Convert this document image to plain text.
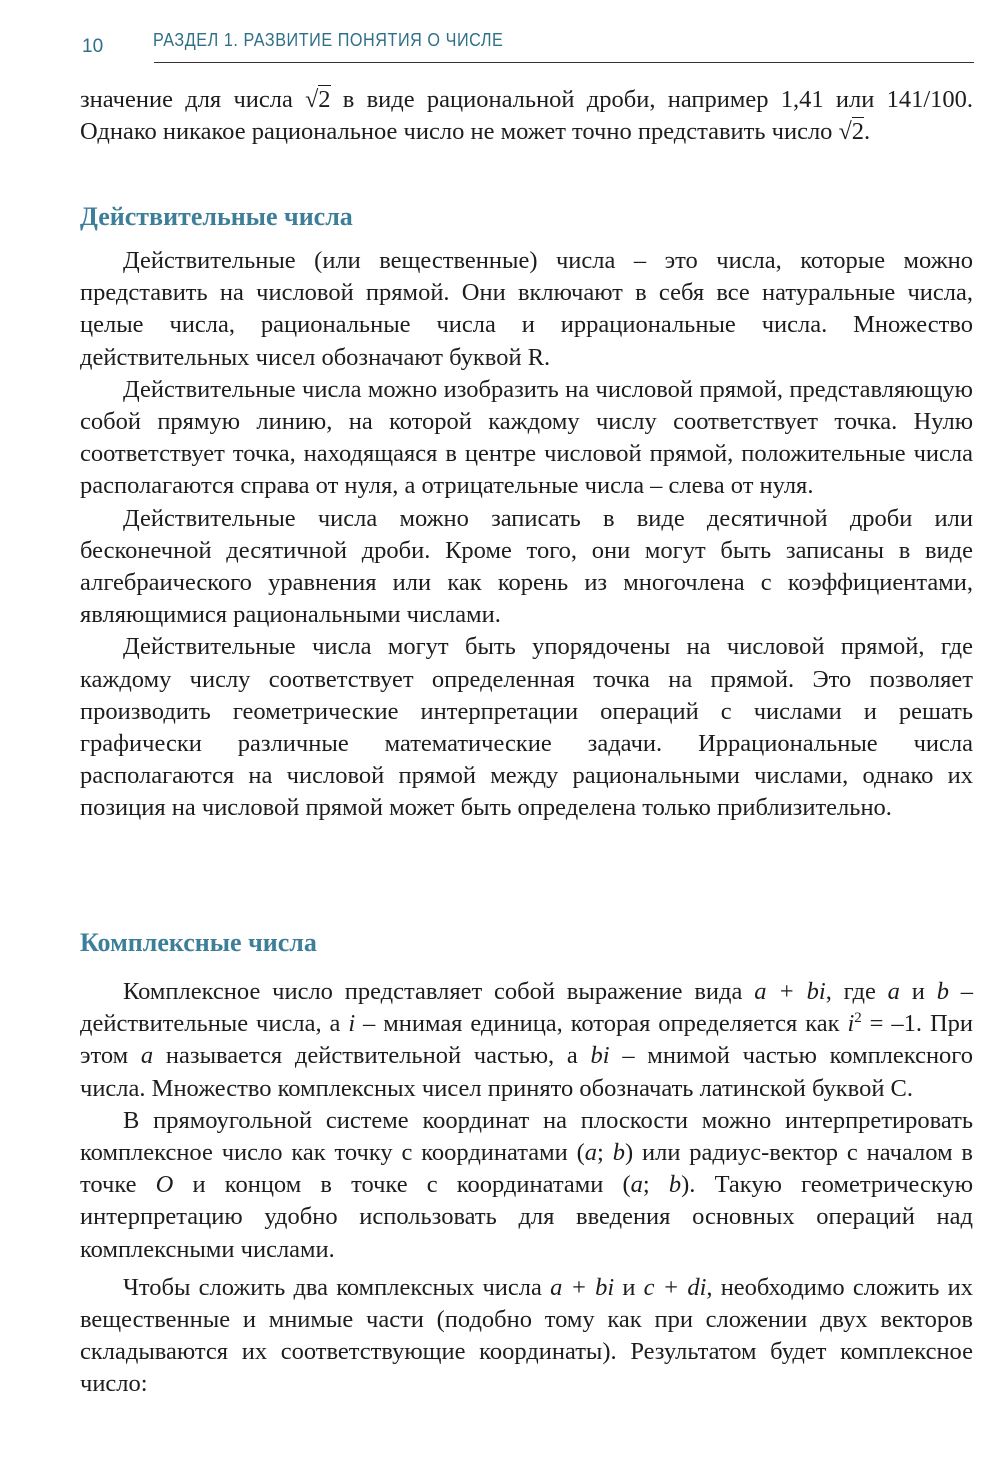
10	РАЗДЕЛ 1. РАЗВИТИЕ ПОНЯТИЯ О ЧИСЛЕ

значение для числа √2 в виде рациональной дроби, например 1,41 или 141/100. Однако никакое рациональное число не может точно представить число √2.

Действительные числа

Действительные (или вещественные) числа – это числа, которые можно представить на числовой прямой. Они включают в себя все натуральные числа, целые числа, рациональные числа и иррациональные числа. Множество действительных чисел обозначают буквой R.

Действительные числа можно изобразить на числовой прямой, представляющую собой прямую линию, на которой каждому числу соответствует точка. Нулю соответствует точка, находящаяся в центре числовой прямой, положительные числа располагаются справа от нуля, а отрицательные числа – слева от нуля.

Действительные числа можно записать в виде десятичной дроби или бесконечной десятичной дроби. Кроме того, они могут быть записаны в виде алгебраического уравнения или как корень из многочлена с коэффициентами, являющимися рациональными числами.

Действительные числа могут быть упорядочены на числовой прямой, где каждому числу соответствует определенная точка на прямой. Это позволяет производить геометрические интерпретации операций с числами и решать графически различные математические задачи. Иррациональные числа располагаются на числовой прямой между рациональными числами, однако их позиция на числовой прямой может быть определена только приблизительно.

Комплексные числа

Комплексное число представляет собой выражение вида a + bi, где a и b – действительные числа, а i – мнимая единица, которая определяется как $i^2 = -1$. При этом a называется действительной частью, а bi – мнимой частью комплексного числа. Множество комплексных чисел принято обозначать латинской буквой C.

В прямоугольной системе координат на плоскости можно интерпретировать комплексное число как точку с координатами (a; b) или радиус-вектор с началом в точке O и концом в точке с координатами (a; b). Такую геометрическую интерпретацию удобно использовать для введения основных операций над комплексными числами.

Чтобы сложить два комплексных числа a + bi и c + di, необходимо сложить их вещественные и мнимые части (подобно тому как при сложении двух векторов складываются их соответствующие координаты). Результатом будет комплексное число:
